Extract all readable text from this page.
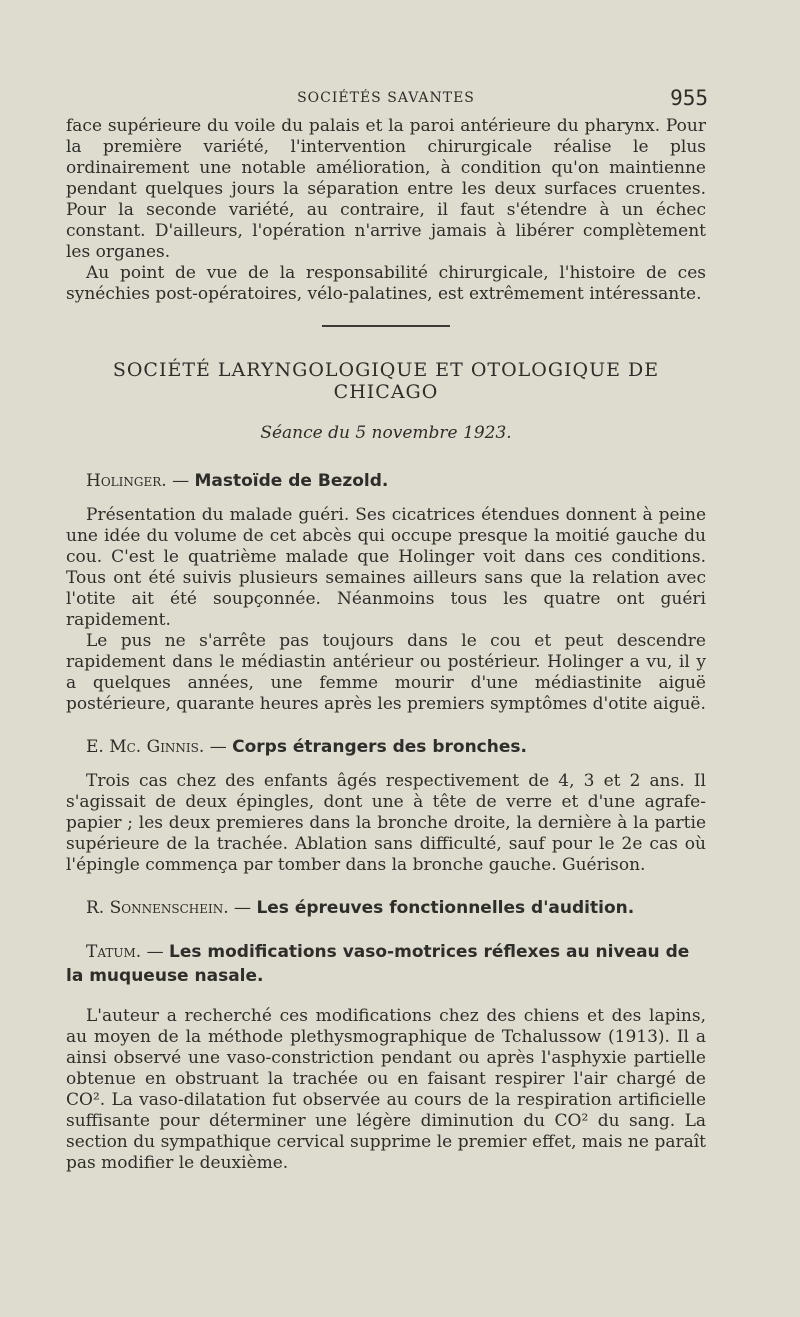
SOCIÉTÉS SAVANTES	955

face supérieure du voile du palais et la paroi antérieure du pharynx. Pour la première variété, l'intervention chirurgicale réalise le plus ordinairement une notable amélioration, à condition qu'on maintienne pendant quelques jours la séparation entre les deux surfaces cruentes. Pour la seconde variété, au contraire, il faut s'étendre à un échec constant. D'ailleurs, l'opération n'arrive jamais à libérer complètement les organes.

Au point de vue de la responsabilité chirurgicale, l'histoire de ces synéchies post-opératoires, vélo-palatines, est extrêmement intéressante.

SOCIÉTÉ LARYNGOLOGIQUE ET OTOLOGIQUE DE CHICAGO
Séance du 5 novembre 1923.

Holinger. — Mastoïde de Bezold.

Présentation du malade guéri. Ses cicatrices étendues donnent à peine une idée du volume de cet abcès qui occupe presque la moitié gauche du cou. C'est le quatrième malade que Holinger voit dans ces conditions. Tous ont été suivis plusieurs semaines ailleurs sans que la relation avec l'otite ait été soupçonnée. Néanmoins tous les quatre ont guéri rapidement.

Le pus ne s'arrête pas toujours dans le cou et peut descendre rapidement dans le médiastin antérieur ou postérieur. Holinger a vu, il y a quelques années, une femme mourir d'une médiastinite aiguë postérieure, quarante heures après les premiers symptômes d'otite aiguë.

E. Mc. Ginnis. — Corps étrangers des bronches.

Trois cas chez des enfants âgés respectivement de 4, 3 et 2 ans. Il s'agissait de deux épingles, dont une à tête de verre et d'une agrafe-papier ; les deux premieres dans la bronche droite, la dernière à la partie supérieure de la trachée. Ablation sans difficulté, sauf pour le 2e cas où l'épingle commença par tomber dans la bronche gauche. Guérison.

R. Sonnenschein. — Les épreuves fonctionnelles d'audition.

Tatum. — Les modifications vaso-motrices réflexes au niveau de la muqueuse nasale.

L'auteur a recherché ces modifications chez des chiens et des lapins, au moyen de la méthode plethysmographique de Tchalussow (1913). Il a ainsi observé une vaso-constriction pendant ou après l'asphyxie partielle obtenue en obstruant la trachée ou en faisant respirer l'air chargé de CO². La vaso-dilatation fut observée au cours de la respiration artificielle suffisante pour déterminer une légère diminution du CO² du sang. La section du sympathique cervical supprime le premier effet, mais ne paraît pas modifier le deuxième.
